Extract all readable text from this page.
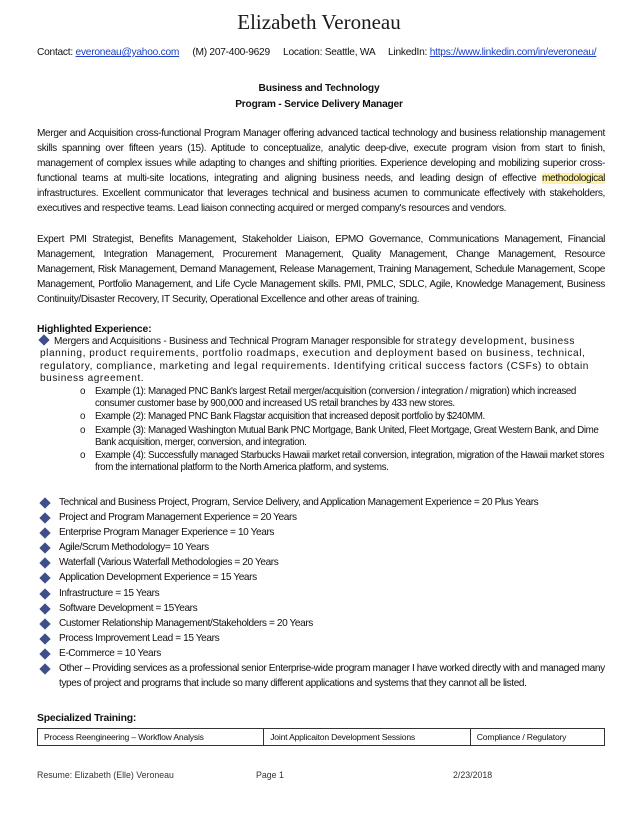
Elizabeth Veroneau
Contact: everoneau@yahoo.com (M) 207-400-9629 Location: Seattle, WA LinkedIn: https://www.linkedin.com/in/everoneau/
Business and Technology
Program - Service Delivery Manager
Merger and Acquisition cross-functional Program Manager offering advanced tactical technology and business relationship management skills spanning over fifteen years (15). Aptitude to conceptualize, analytic deep-dive, execute program vision from start to finish, management of complex issues while adapting to changes and shifting priorities. Experience developing and mobilizing superior cross-functional teams at multi-site locations, integrating and aligning business needs, and leading design of effective methodological infrastructures. Excellent communicator that leverages technical and business acumen to communicate effectively with stakeholders, executives and respective teams. Lead liaison connecting acquired or merged company's resources and vendors.
Expert PMI Strategist, Benefits Management, Stakeholder Liaison, EPMO Governance, Communications Management, Financial Management, Integration Management, Procurement Management, Quality Management, Change Management, Resource Management, Risk Management, Demand Management, Release Management, Training Management, Schedule Management, Scope Management, Portfolio Management, and Life Cycle Management skills. PMI, PMLC, SDLC, Agile, Knowledge Management, Business Continuity/Disaster Recovery, IT Security, Operational Excellence and other areas of training.
Highlighted Experience:
Mergers and Acquisitions - Business and Technical Program Manager responsible for strategy development, business planning, product requirements, portfolio roadmaps, execution and deployment based on business, technical, regulatory, compliance, marketing and legal requirements. Identifying critical success factors (CSFs) to obtain business agreement.
o Example (1): Managed PNC Bank's largest Retail merger/acquisition (conversion / integration / migration) which increased consumer customer base by 900,000 and increased US retail branches by 433 new stores.
o Example (2): Managed PNC Bank Flagstar acquisition that increased deposit portfolio by $240MM.
o Example (3): Managed Washington Mutual Bank PNC Mortgage, Bank United, Fleet Mortgage, Great Western Bank, and Dime Bank acquisition, merger, conversion, and integration.
o Example (4): Successfully managed Starbucks Hawaii market retail conversion, integration, migration of the Hawaii market stores from the international platform to the North America platform, and systems.
Technical and Business Project, Program, Service Delivery, and Application Management Experience = 20 Plus Years
Project and Program Management Experience = 20 Years
Enterprise Program Manager Experience = 10 Years
Agile/Scrum Methodology= 10 Years
Waterfall (Various Waterfall Methodologies = 20 Years
Application Development Experience = 15 Years
Infrastructure = 15 Years
Software Development = 15Years
Customer Relationship Management/Stakeholders = 20 Years
Process Improvement Lead = 15 Years
E-Commerce = 10 Years
Other – Providing services as a professional senior Enterprise-wide program manager I have worked directly with and managed many types of project and programs that include so many different applications and systems that they cannot all be listed.
Specialized Training:
Process Reengineering – Workflow Analysis	Joint Applicaiton Development Sessions	Compliance / Regulatory
Resume: Elizabeth (Elle) Veroneau	Page 1	2/23/2018
